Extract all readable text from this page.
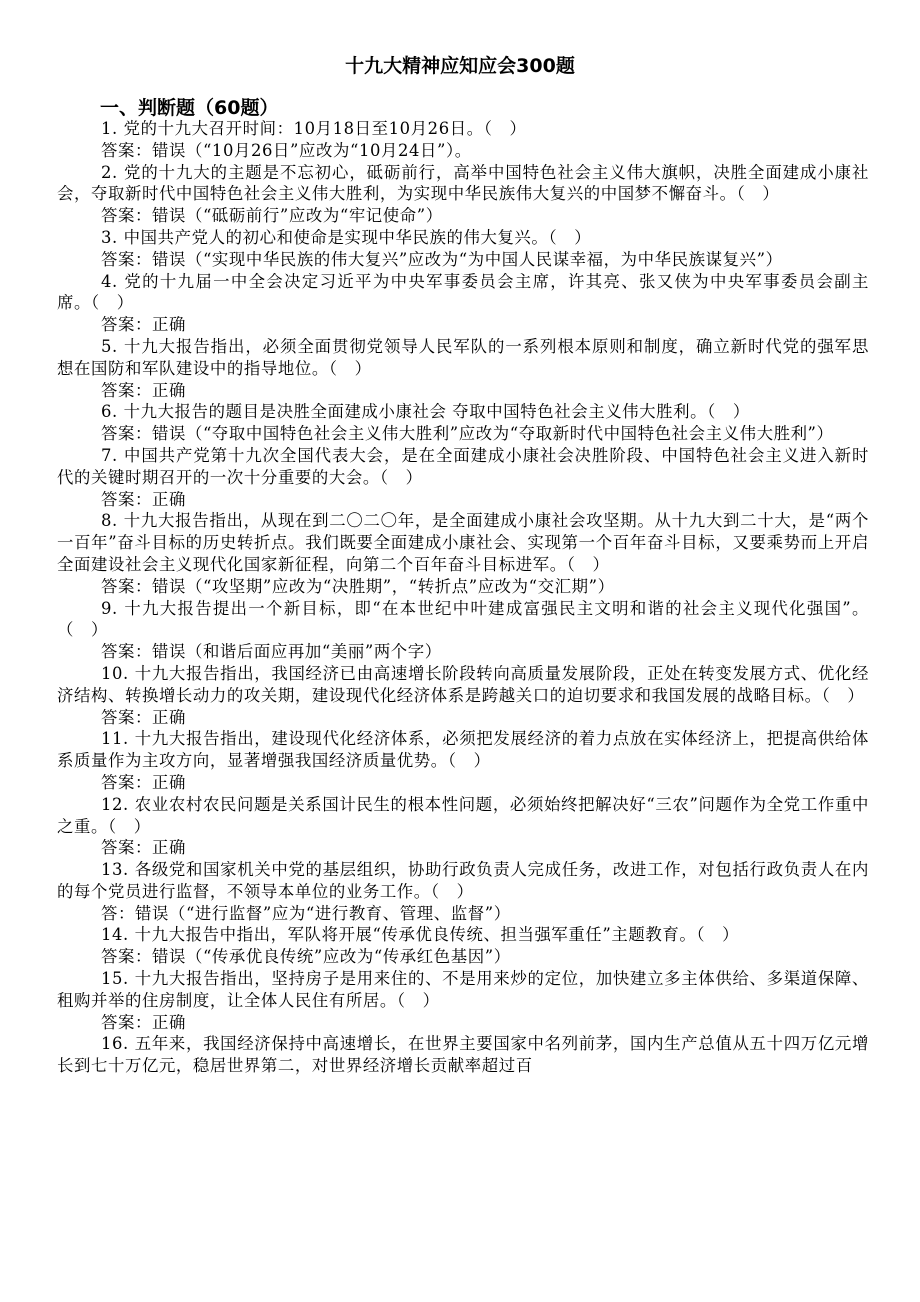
十九大精神应知应会300题
一、判断题（60题）

1. 党的十九大召开时间：10月18日至10月26日。（　）

答案：错误（“10月26日”应改为“10月24日”）。

2. 党的十九大的主题是不忘初心，砥砺前行，高举中国特色社会主义伟大旗帜，决胜全面建成小康社会，夺取新时代中国特色社会主义伟大胜利，为实现中华民族伟大复兴的中国梦不懈奋斗。（　）

答案：错误（“砥砺前行”应改为“牢记使命”）

3. 中国共产党人的初心和使命是实现中华民族的伟大复兴。（　）

答案：错误（“实现中华民族的伟大复兴”应改为“为中国人民谋幸福，为中华民族谋复兴”）

4. 党的十九届一中全会决定习近平为中央军事委员会主席，许其亮、张又侠为中央军事委员会副主席。（　）

答案：正确

5. 十九大报告指出，必须全面贯彻党领导人民军队的一系列根本原则和制度，确立新时代党的强军思想在国防和军队建设中的指导地位。（　）

答案：正确

6. 十九大报告的题目是决胜全面建成小康社会 夺取中国特色社会主义伟大胜利。（　）

答案：错误（“夺取中国特色社会主义伟大胜利”应改为“夺取新时代中国特色社会主义伟大胜利”）

7. 中国共产党第十九次全国代表大会，是在全面建成小康社会决胜阶段、中国特色社会主义进入新时代的关键时期召开的一次十分重要的大会。（　）

答案：正确

8. 十九大报告指出，从现在到二〇二〇年，是全面建成小康社会攻坚期。从十九大到二十大，是“两个一百年”奋斗目标的历史转折点。我们既要全面建成小康社会、实现第一个百年奋斗目标，又要乘势而上开启全面建设社会主义现代化国家新征程，向第二个百年奋斗目标进军。（　）

答案：错误（“攻坚期”应改为“决胜期”，“转折点”应改为“交汇期”）

9. 十九大报告提出一个新目标，即“在本世纪中叶建成富强民主文明和谐的社会主义现代化强国”。（　）

答案：错误（和谐后面应再加“美丽”两个字）

10. 十九大报告指出，我国经济已由高速增长阶段转向高质量发展阶段，正处在转变发展方式、优化经济结构、转换增长动力的攻关期，建设现代化经济体系是跨越关口的迫切要求和我国发展的战略目标。（　）

答案：正确

11. 十九大报告指出，建设现代化经济体系，必须把发展经济的着力点放在实体经济上，把提高供给体系质量作为主攻方向，显著增强我国经济质量优势。（　）

答案：正确

12. 农业农村农民问题是关系国计民生的根本性问题，必须始终把解决好“三农”问题作为全党工作重中之重。（　）

答案：正确

13. 各级党和国家机关中党的基层组织，协助行政负责人完成任务，改进工作，对包括行政负责人在内的每个党员进行监督，不领导本单位的业务工作。（　）

答：错误（“进行监督”应为“进行教育、管理、监督”）

14. 十九大报告中指出，军队将开展“传承优良传统、担当强军重任”主题教育。（　）

答案：错误（“传承优良传统”应改为“传承红色基因”）

15. 十九大报告指出，坚持房子是用来住的、不是用来炒的定位，加快建立多主体供给、多渠道保障、租购并举的住房制度，让全体人民住有所居。（　）

答案：正确

16. 五年来，我国经济保持中高速增长，在世界主要国家中名列前茅，国内生产总值从五十四万亿元增长到七十万亿元，稳居世界第二，对世界经济增长贡献率超过百
